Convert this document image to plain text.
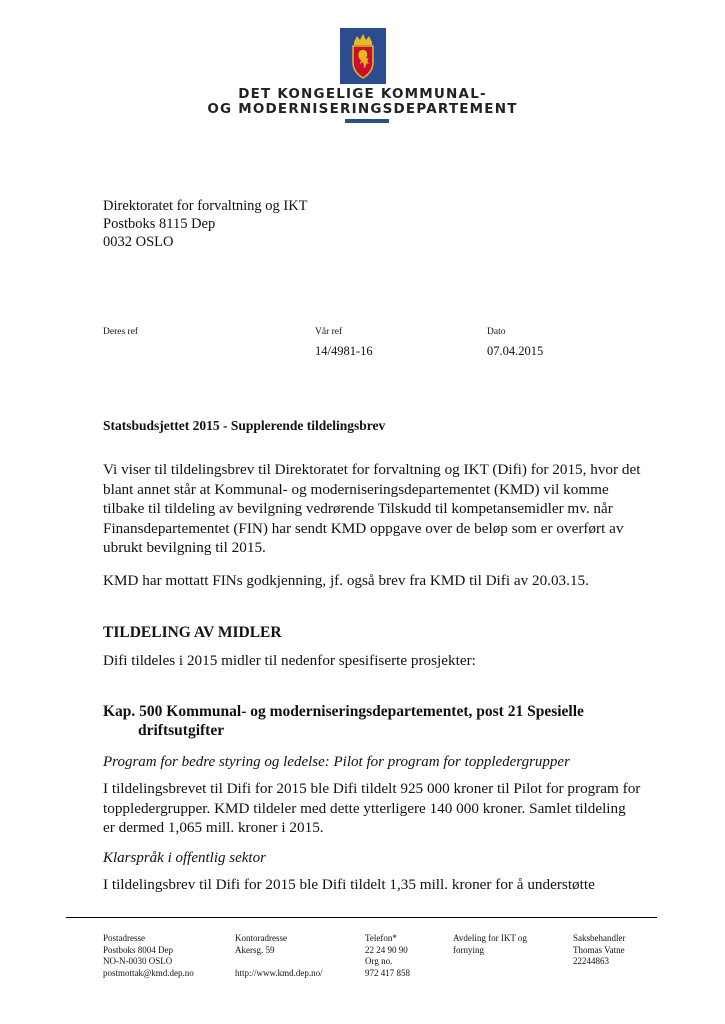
DET KONGELIGE KOMMUNAL-
OG MODERNISERINGSDEPARTEMENT
Direktoratet for forvaltning og IKT
Postboks 8115 Dep
0032 OSLO
Deres ref	Vår ref
14/4981-16
Dato
07.04.2015
Statsbudsjettet 2015 - Supplerende tildelingsbrev
Vi viser til tildelingsbrev til Direktoratet for forvaltning og IKT (Difi) for 2015, hvor det
blant annet står at Kommunal- og moderniseringsdepartementet (KMD) vil komme
tilbake til tildeling av bevilgning vedrørende Tilskudd til kompetansemidler mv. når
Finansdepartementet (FIN) har sendt KMD oppgave over de beløp som er overført av
ubrukt bevilgning til 2015.
KMD har mottatt FINs godkjenning, jf. også brev fra KMD til Difi av 20.03.15.
TILDELING AV MIDLER
Difi tildeles i 2015 midler til nedenfor spesifiserte prosjekter:
Kap. 500 Kommunal- og moderniseringsdepartementet, post 21 Spesielle
driftsutgifter
Program for bedre styring og ledelse: Pilot for program for toppledergrupper
I tildelingsbrevet til Difi for 2015 ble Difi tildelt 925 000 kroner til Pilot for program for
toppledergrupper. KMD tildeler med dette ytterligere 140 000 kroner. Samlet tildeling
er dermed 1,065 mill. kroner i 2015.
Klarspråk i offentlig sektor
I tildelingsbrev til Difi for 2015 ble Difi tildelt 1,35 mill. kroner for å understøtte
Postadresse
Postboks 8004 Dep
NO-N-0030 OSLO
postmottak@kmd.dep.no
Kontoradresse
Akersg. 59

http://www.kmd.dep.no/
Telefon*
22 24 90 90
Org no.
972 417 858
Avdeling for IKT og
fornying
Saksbehandler
Thomas Vatne
22244863
